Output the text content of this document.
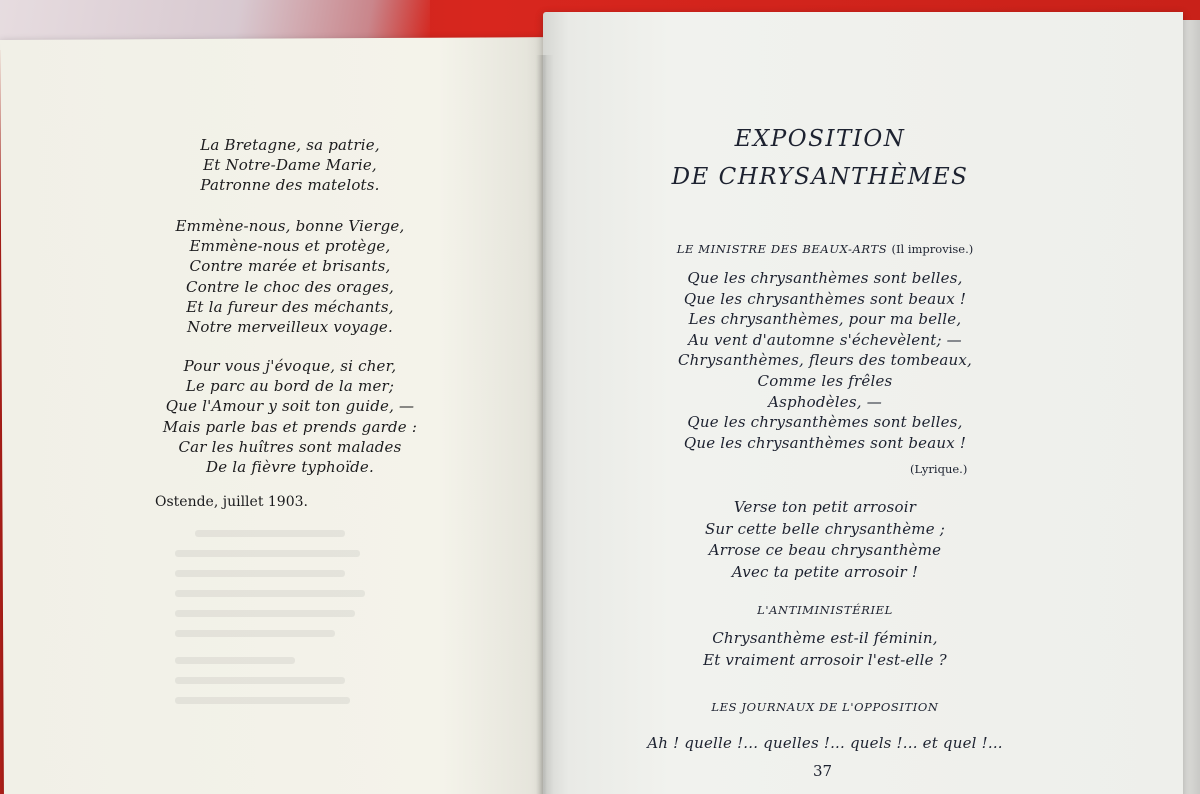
La Bretagne, sa patrie,
Et Notre-Dame Marie,
Patronne des matelots.
Emmène-nous, bonne Vierge,
Emmène-nous et protège,
Contre marée et brisants,
Contre le choc des orages,
Et la fureur des méchants,
Notre merveilleux voyage.
Pour vous j'évoque, si cher,
Le parc au bord de la mer;
Que l'Amour y soit ton guide, —
Mais parle bas et prends garde :
Car les huîtres sont malades
De la fièvre typhoïde.
Ostende, juillet 1903.
EXPOSITION
DE CHRYSANTHÈMES
LE MINISTRE DES BEAUX-ARTS (Il improvise.)
Que les chrysanthèmes sont belles,
Que les chrysanthèmes sont beaux !
Les chrysanthèmes, pour ma belle,
Au vent d'automne s'échevèlent; —
Chrysanthèmes, fleurs des tombeaux,
Comme les frêles
Asphodèles, —
Que les chrysanthèmes sont belles,
Que les chrysanthèmes sont beaux !
(Lyrique.)
Verse ton petit arrosoir
Sur cette belle chrysanthème ;
Arrose ce beau chrysanthème
Avec ta petite arrosoir !
L'ANTIMINISTÉRIEL
Chrysanthème est-il féminin,
Et vraiment arrosoir l'est-elle ?
LES JOURNAUX DE L'OPPOSITION
Ah ! quelle !... quelles !... quels !... et quel !...
37
